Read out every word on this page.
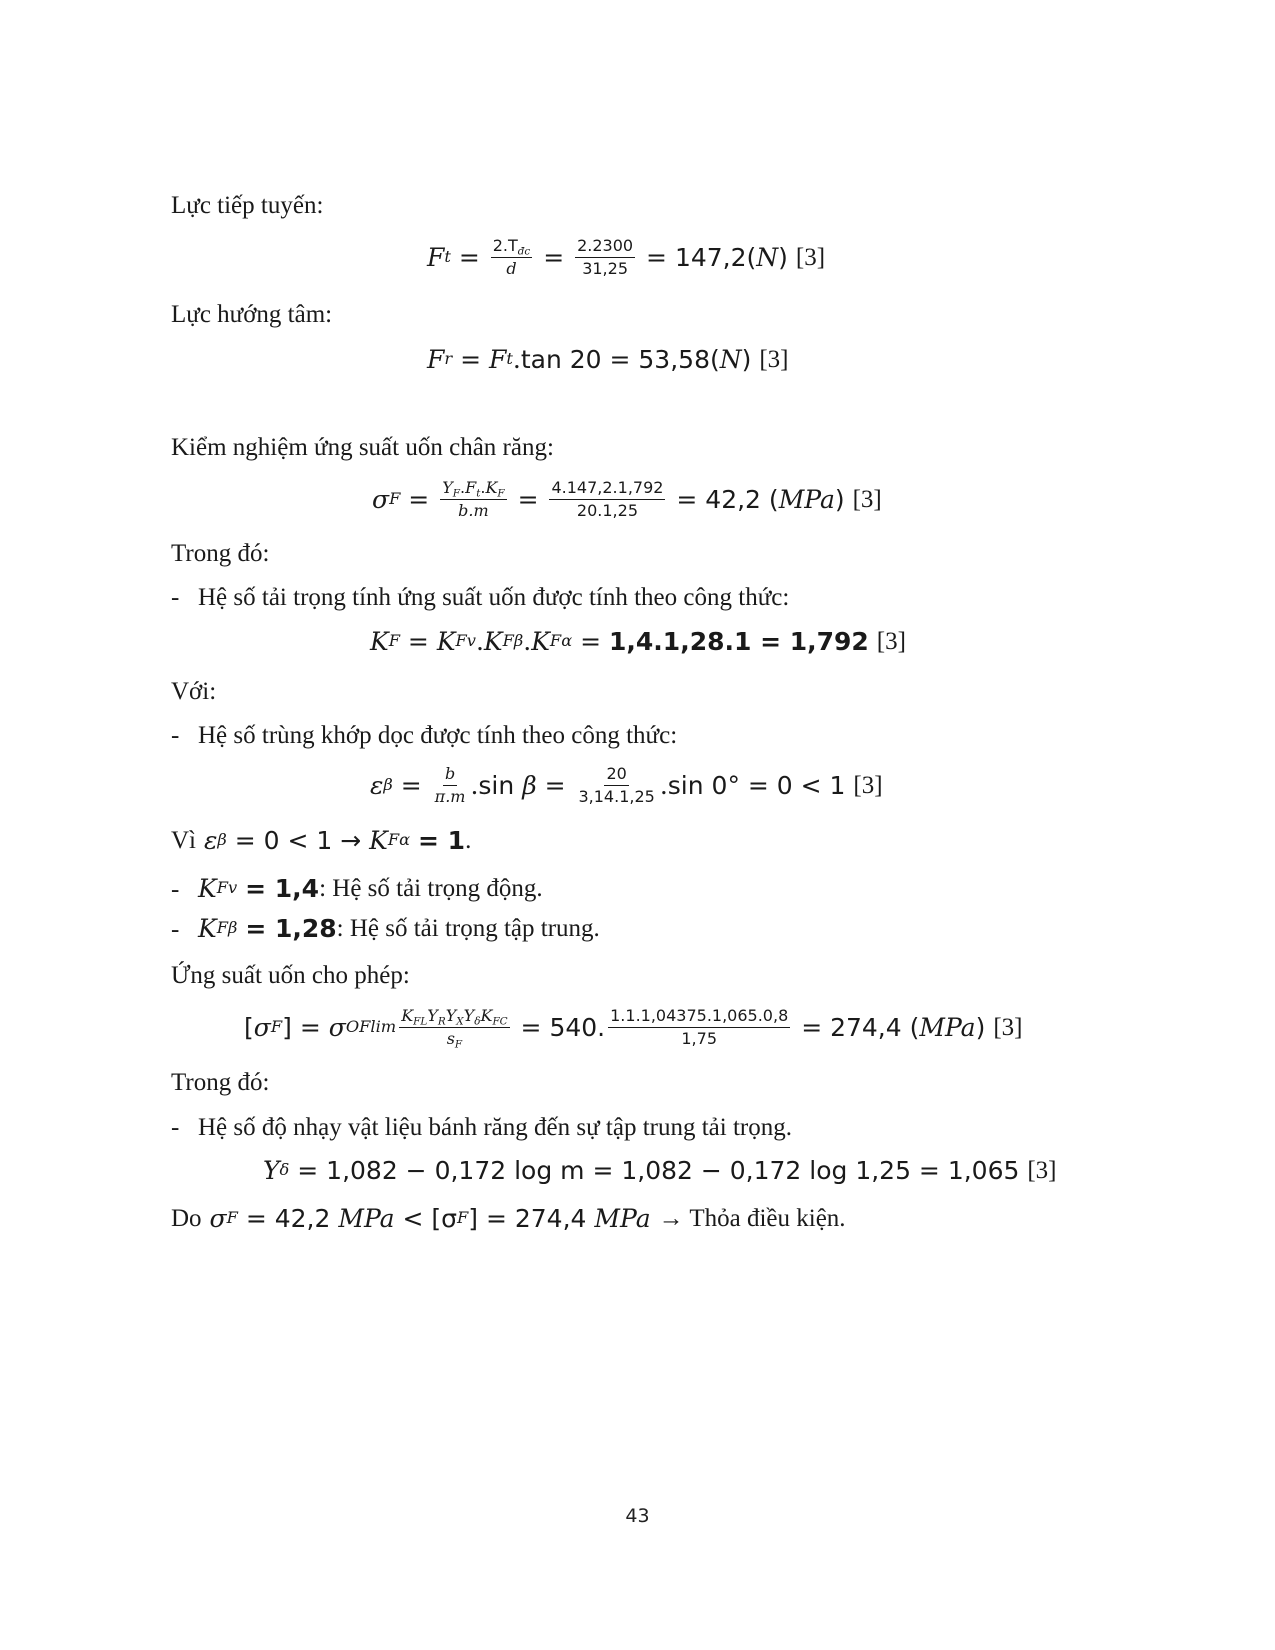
Lực tiếp tuyến:
F $t = \frac{2.T_{đc}}{d} = \frac{2.2300}{31,25} = 147,2$ ( N )
[3]
Lực hướng tâm:
F r = F t . tan 20 = 53,58 ( N )
[3]
Kiểm nghiệm ứng suất uốn chân răng:
σ $F = \frac{Y_F.F_t.K_F}{b.m} = \frac{4.147,2.1,792}{20.1,25} = 42,2$
( MPa )
[3]
Trong đó:
- Hệ số tải trọng tính ứng suất uốn được tính theo công thức:
K F = K Fv . K Fβ . K Fα = 1,4.1,28.1 = 1,792
[3]
Với:
- Hệ số trùng khớp dọc được tính theo công thức:
ε $\beta = \frac{b}{\pi.m}$ . sin
$\beta = \frac{20}{3,14.1,25}$ . sin 0° = 0 < 1
[3]
Vì
ε β
= 0 < 1 →
K Fα
= 1 .
- K Fv
= 1,4 : Hệ số tải trọng động.
- K Fβ
= 1,28 : Hệ số tải trọng tập trung.
Ứng suất uốn cho phép:
[ σ F ] = σ OFlim $\frac{K_{FL}Y_RY_XY_\delta K_{FC}}{s_F} = 540$. $\frac{1.1.1,04375.1,065.0,8}{1,75} = 274,4$
( MPa )
[3]
Trong đó:
- Hệ số độ nhạy vật liệu bánh răng đến sự tập trung tải trọng.
Y δ
= 1,082 − 0,172 log m = 1,082 − 0,172 log 1,25 = 1,065
[3]
Do
σ F
= 42,2
MPa
< [σ F ] = 274,4
MPa
→ Thỏa điều kiện.
43
